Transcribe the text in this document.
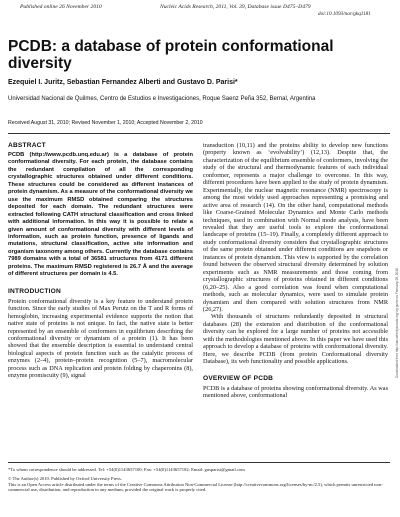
Published online 26 November 2010	Nucleic Acids Research, 2011, Vol. 39, Database issue D475–D479
doi:10.1093/nar/gkq1181
PCDB: a database of protein conformational diversity
Ezequiel I. Juritz, Sebastian Fernandez Alberti and Gustavo D. Parisi*
Universidad Nacional de Quilmes, Centro de Estudios e Investigaciones, Roque Saenz Peña 352, Bernal, Argentina
Received August 31, 2010; Revised November 1, 2010; Accepted November 2, 2010
ABSTRACT

PCDB (http://www.pcdb.unq.edu.ar) is a database of protein conformational diversity. For each protein, the database contains the redundant compilation of all the corresponding crystallographic structures obtained under different conditions. These structures could be considered as different instances of protein dynamism. As a measure of the conformational diversity we use the maximum RMSD obtained comparing the structures deposited for each domain. The redundant structures were extracted following CATH structural classification and cross linked with additional information. In this way it is possible to relate a given amount of conformational diversity with different levels of information, such as protein function, presence of ligands and mutations, structural classification, active site information and organism taxonomy among others. Currently the database contains 7989 domains with a total of 36581 structures from 4171 different proteins. The maximum RMSD registered is 26.7 Å and the average of different structures per domain is 4.5.

INTRODUCTION

Protein conformational diversity is a key feature to understand protein function. Since the early studies of Max Perutz on the T and R forms of hemoglobin, increasing experimental evidence supports the notion that native state of proteins is not unique. In fact, the native state is better represented by an ensemble of conformers in equilibrium describing the conformational diversity or dynamism of a protein (1). It has been showed that the ensemble description is essential to understand central biological aspects of protein function such as the catalytic process of enzymes (2–4), protein–protein recognition (5–7), macromolecular process such as DNA replication and protein folding by chaperonins (8), enzyme promiscuity (9), signal

transduction (10,11) and the proteins ability to develop new functions (property known as ‘evolvability’) (12,13). Despite that, the characterization of the equilibrium ensemble of conformers, involving the study of the structural and thermodynamic features of each individual conformer, represents a major challenge to overcome. In this way, different procedures have been applied to the study of protein dynamism. Experimentally, the nuclear magnetic resonance (NMR) spectroscopy is among the most widely used approaches representing a promising and active area of research (14). On the other hand, computational methods like Coarse-Grained Molecular Dynamics and Monte Carlo methods techniques, used in combination with Normal mode analysis, have been revealed that they are useful tools to explore the conformational landscape of proteins (15–19). Finally, a completely different approach to study conformational diversity considers that crystallographic structures of the same protein obtained under different conditions are snapshots or instances of protein dynamism. This view is supported by the correlation found between the observed structural diversity determined by solution experiments such as NMR measurements and those coming from crystallographic structures of proteins obtained in different conditions (6,20–25). Also a good correlation was found when computational methods, such as molecular dynamics, were used to simulate protein dynamism and then compared with solution structures from NMR (26,27).

With thousands of structures redundantly deposited in structural databases (28) the extension and distribution of the conformational diversity can be explored for a large number of proteins not accessible with the methodologies mentioned above. In this paper we have used this approach to develop a database of proteins with conformational diversity. Here, we describe PCDB (from protein Conformational diversity Database), its web functionality and possible applications.

OVERVIEW OF PCDB

PCDB is a database of proteins showing conformational diversity. As was mentioned above, conformational

Downloaded from http://nar.oxfordjournals.org/ by guest on February 28, 2016

*To whom correspondence should be addressed. Tel: +54(0)1143657100; Fax: +54(0)1143657182; Email: gusparisi@gmail.com

© The Author(s) 2010. Published by Oxford University Press.

This is an Open Access article distributed under the terms of the Creative Commons Attribution Non-Commercial License (http://creativecommons.org/licenses/by-nc/2.5), which permits unrestricted non-commercial use, distribution, and reproduction in any medium, provided the original work is properly cited.
